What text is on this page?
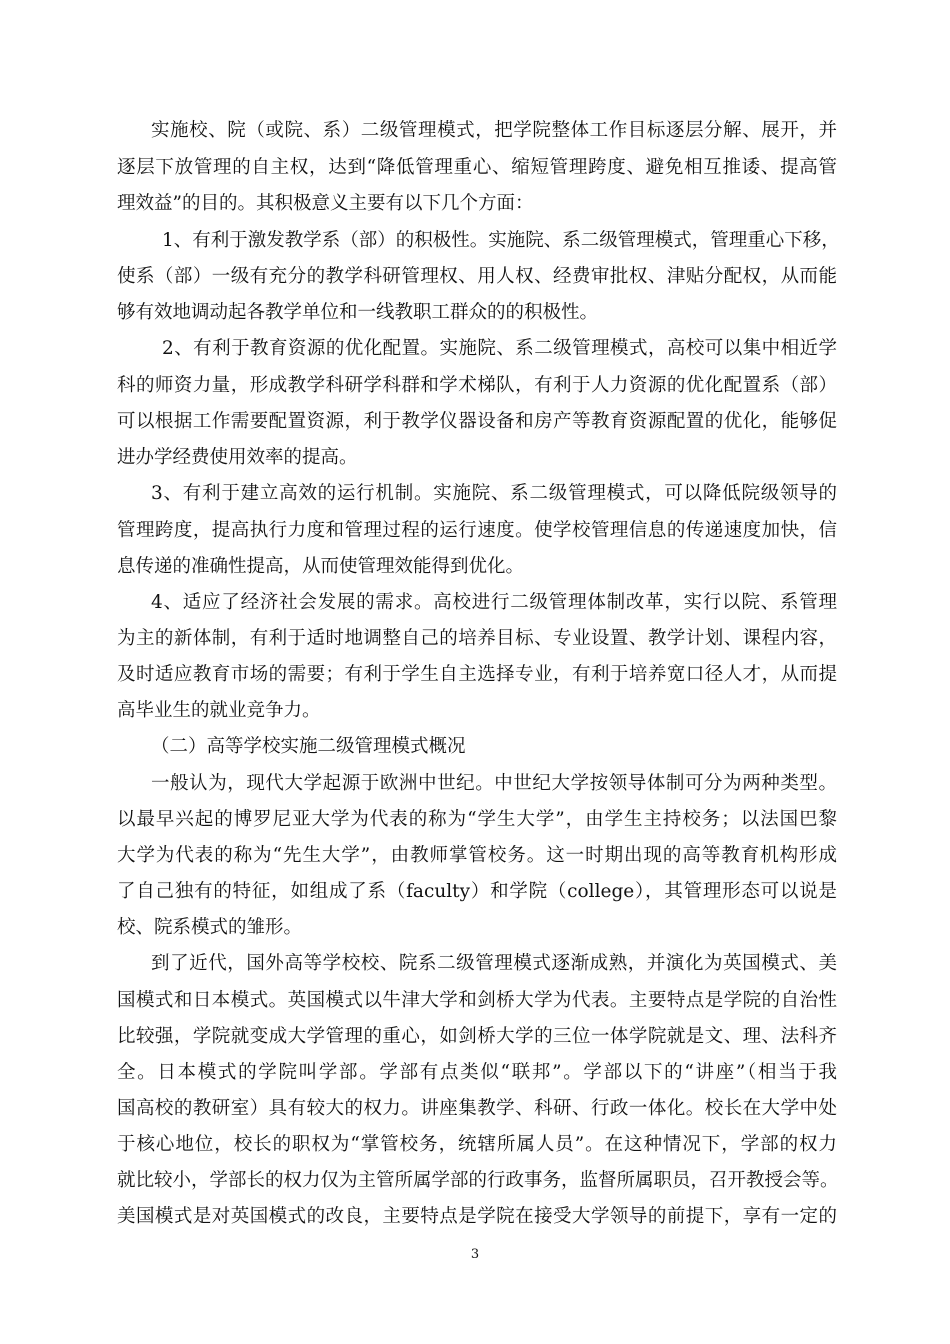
实施校、院（或院、系）二级管理模式，把学院整体工作目标逐层分解、展开，并
逐层下放管理的自主权，达到“降低管理重心、缩短管理跨度、避免相互推诿、提高管
理效益”的目的。其积极意义主要有以下几个方面：
1、有利于激发教学系（部）的积极性。实施院、系二级管理模式，管理重心下移，
使系（部）一级有充分的教学科研管理权、用人权、经费审批权、津贴分配权，从而能
够有效地调动起各教学单位和一线教职工群众的的积极性。
2、有利于教育资源的优化配置。实施院、系二级管理模式，高校可以集中相近学
科的师资力量，形成教学科研学科群和学术梯队，有利于人力资源的优化配置系（部）
可以根据工作需要配置资源，利于教学仪器设备和房产等教育资源配置的优化，能够促
进办学经费使用效率的提高。
3、有利于建立高效的运行机制。实施院、系二级管理模式，可以降低院级领导的
管理跨度，提高执行力度和管理过程的运行速度。使学校管理信息的传递速度加快，信
息传递的准确性提高，从而使管理效能得到优化。
4、适应了经济社会发展的需求。高校进行二级管理体制改革，实行以院、系管理
为主的新体制，有利于适时地调整自己的培养目标、专业设置、教学计划、课程内容，
及时适应教育市场的需要；有利于学生自主选择专业，有利于培养宽口径人才，从而提
高毕业生的就业竞争力。
（二）高等学校实施二级管理模式概况
一般认为，现代大学起源于欧洲中世纪。中世纪大学按领导体制可分为两种类型。
以最早兴起的博罗尼亚大学为代表的称为“学生大学”，由学生主持校务；以法国巴黎
大学为代表的称为“先生大学”，由教师掌管校务。这一时期出现的高等教育机构形成
了自己独有的特征，如组成了系（faculty）和学院（college），其管理形态可以说是
校、院系模式的雏形。
到了近代，国外高等学校校、院系二级管理模式逐渐成熟，并演化为英国模式、美
国模式和日本模式。英国模式以牛津大学和剑桥大学为代表。主要特点是学院的自治性
比较强，学院就变成大学管理的重心，如剑桥大学的三位一体学院就是文、理、法科齐
全。日本模式的学院叫学部。学部有点类似“联邦”。学部以下的“讲座”（相当于我
国高校的教研室）具有较大的权力。讲座集教学、科研、行政一体化。校长在大学中处
于核心地位，校长的职权为“掌管校务，统辖所属人员”。在这种情况下，学部的权力
就比较小，学部长的权力仅为主管所属学部的行政事务，监督所属职员，召开教授会等。
美国模式是对英国模式的改良，主要特点是学院在接受大学领导的前提下，享有一定的
3
